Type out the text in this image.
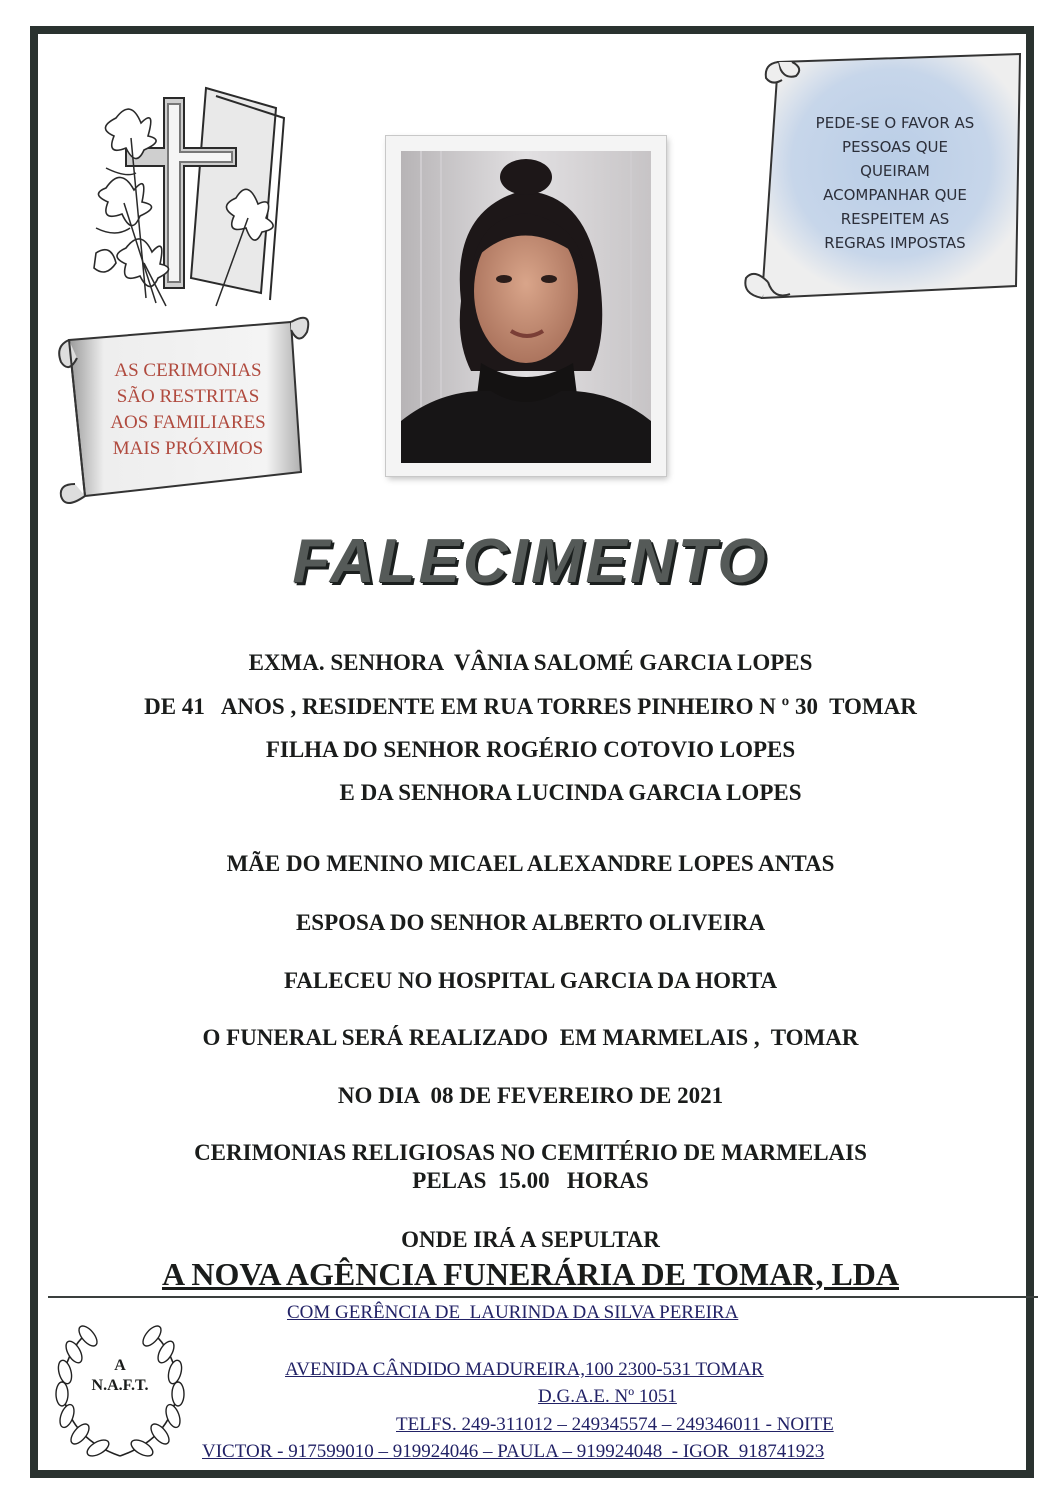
AS CERIMONIAS
SÃO RESTRITAS
AOS FAMILIARES
MAIS PRÓXIMOS
PEDE-SE O FAVOR AS
PESSOAS QUE
QUEIRAM
ACOMPANHAR QUE
RESPEITEM AS
REGRAS IMPOSTAS
FALECIMENTO
EXMA. SENHORA  VÂNIA SALOMÉ GARCIA LOPES
DE 41   ANOS , RESIDENTE EM RUA TORRES PINHEIRO N º 30  TOMAR
FILHA DO SENHOR ROGÉRIO COTOVIO LOPES
E DA SENHORA LUCINDA GARCIA LOPES
MÃE DO MENINO MICAEL ALEXANDRE LOPES ANTAS
ESPOSA DO SENHOR ALBERTO OLIVEIRA
FALECEU NO HOSPITAL GARCIA DA HORTA
O FUNERAL SERÁ REALIZADO  EM MARMELAIS ,  TOMAR
NO DIA  08 DE FEVEREIRO DE 2021
CERIMONIAS RELIGIOSAS NO CEMITÉRIO DE MARMELAIS
PELAS  15.00   HORAS
ONDE IRÁ A SEPULTAR
A NOVA AGÊNCIA FUNERÁRIA DE TOMAR, LDA
A
N.A.F.T.
COM GERÊNCIA DE  LAURINDA DA SILVA PEREIRA
AVENIDA CÂNDIDO MADUREIRA,100 2300-531 TOMAR
D.G.A.E. Nº 1051
TELFS. 249-311012 – 249345574 – 249346011 - NOITE
VICTOR - 917599010 – 919924046 – PAULA – 919924048  - IGOR  918741923
